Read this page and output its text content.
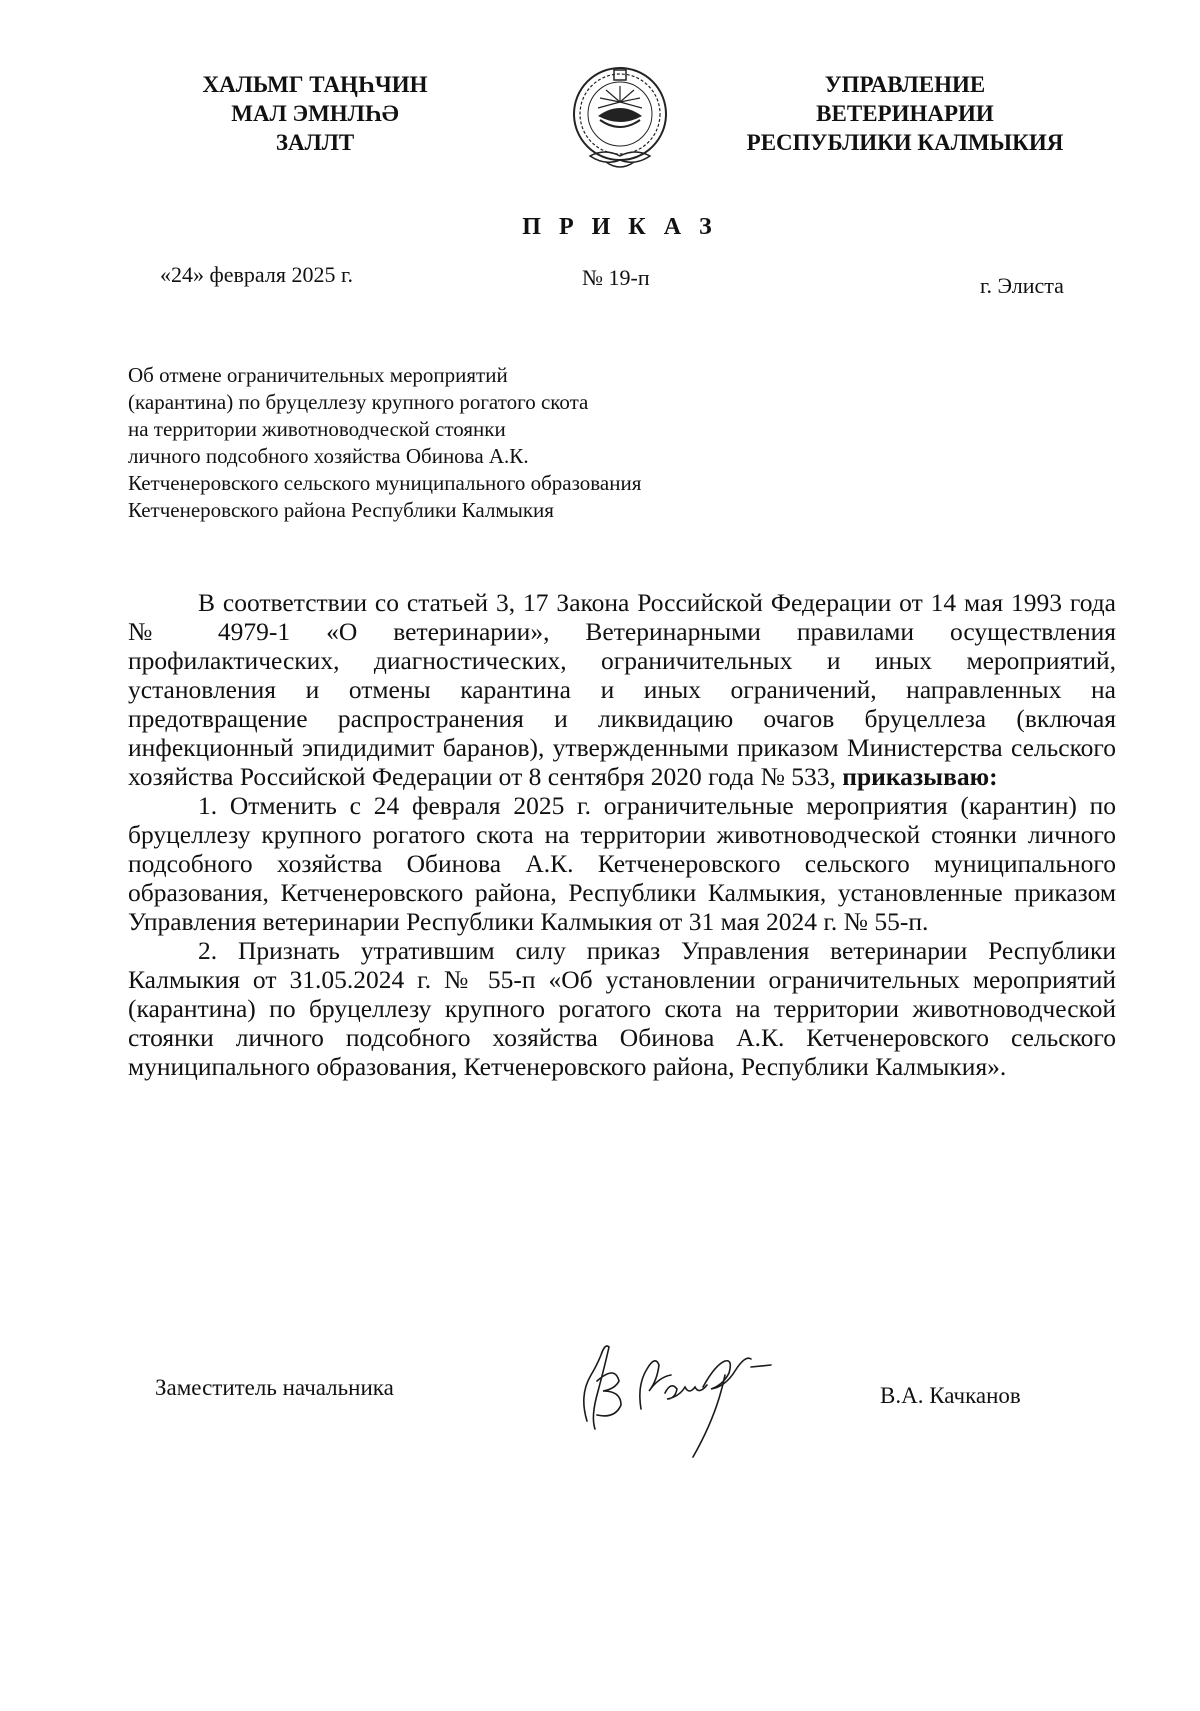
ХАЛЬМГ ТАҢҺЧИН
МАЛ ЭМНЛҺӘ
ЗАЛЛТ
УПРАВЛЕНИЕ
ВЕТЕРИНАРИИ
РЕСПУБЛИКИ КАЛМЫКИЯ
П Р И К А З
«24» февраля 2025 г.	№ 19-п	г. Элиста
Об отмене ограничительных мероприятий
(карантина) по бруцеллезу крупного рогатого скота
на территории животноводческой стоянки
личного подсобного хозяйства Обинова А.К.
Кетченеровского сельского муниципального образования
Кетченеровского района Республики Калмыкия

В соответствии со статьей 3, 17 Закона Российской Федерации от 14 мая 1993 года № 4979-1 «О ветеринарии», Ветеринарными правилами осуществления профилактических, диагностических, ограничительных и иных мероприятий, установления и отмены карантина и иных ограничений, направленных на предотвращение распространения и ликвидацию очагов бруцеллеза (включая инфекционный эпидидимит баранов), утвержденными приказом Министерства сельского хозяйства Российской Федерации от 8 сентября 2020 года № 533, приказываю:

1. Отменить с 24 февраля 2025 г. ограничительные мероприятия (карантин) по бруцеллезу крупного рогатого скота на территории животноводческой стоянки личного подсобного хозяйства Обинова А.К. Кетченеровского сельского муниципального образования, Кетченеровского района, Республики Калмыкия, установленные приказом Управления ветеринарии Республики Калмыкия от 31 мая 2024 г. № 55-п.

2. Признать утратившим силу приказ Управления ветеринарии Республики Калмыкия от 31.05.2024 г. № 55-п «Об установлении ограничительных мероприятий (карантина) по бруцеллезу крупного рогатого скота на территории животноводческой стоянки личного подсобного хозяйства Обинова А.К. Кетченеровского сельского муниципального образования, Кетченеровского района, Республики Калмыкия».

Заместитель начальника	В.А. Качканов
